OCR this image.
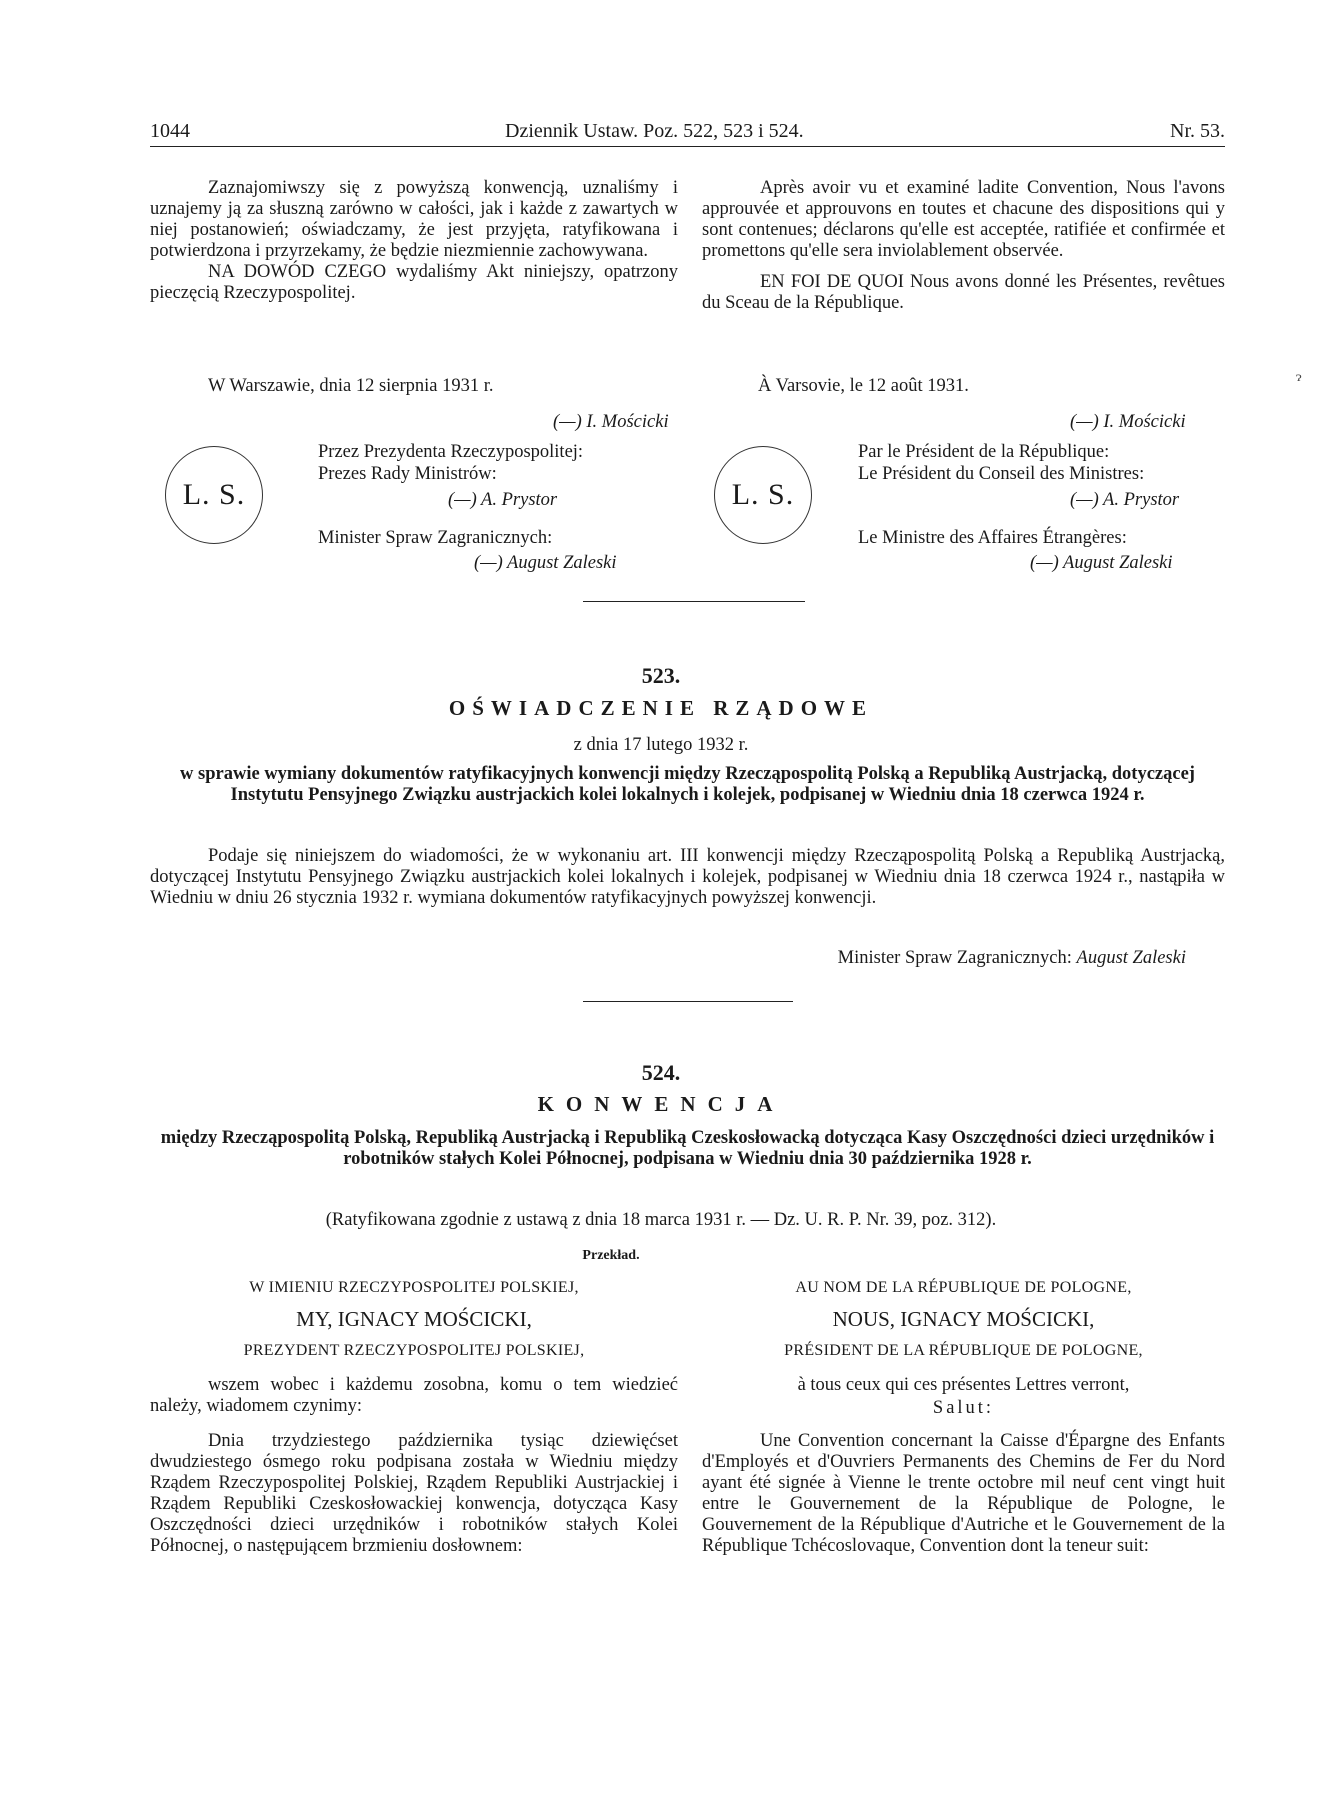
1044	Dziennik Ustaw. Poz. 522, 523 i 524.	Nr. 53.

Zaznajomiwszy się z powyższą konwencją, uznaliśmy i uznajemy ją za słuszną zarówno w całości, jak i każde z zawartych w niej postanowień; oświadczamy, że jest przyjęta, ratyfikowana i potwierdzona i przyrzekamy, że będzie niezmiennie zachowywana.

NA DOWÓD CZEGO wydaliśmy Akt niniejszy, opatrzony pieczęcią Rzeczypospolitej.

W Warszawie, dnia 12 sierpnia 1931 r.

Après avoir vu et examiné ladite Convention, Nous l'avons approuvée et approuvons en toutes et chacune des dispositions qui y sont contenues; déclarons qu'elle est acceptée, ratifiée et confirmée et promettons qu'elle sera inviolablement observée.

EN FOI DE QUOI Nous avons donné les Présentes, revêtues du Sceau de la République.

À Varsovie, le 12 août 1931.
L. S.	L. S.
(—) I. Mościcki
Przez Prezydenta Rzeczypospolitej:
Prezes Rady Ministrów:
(—) A. Prystor
Minister Spraw Zagranicznych:
(—) August Zaleski
(—) I. Mościcki
Par le Président de la République:
Le Président du Conseil des Ministres:
(—) A. Prystor
Le Ministre des Affaires Étrangères:
(—) August Zaleski
523.
OŚWIADCZENIE RZĄDOWE
z dnia 17 lutego 1932 r.
w sprawie wymiany dokumentów ratyfikacyjnych konwencji między Rzecząpospolitą Polską a Republiką Austrjacką, dotyczącej Instytutu Pensyjnego Związku austrjackich kolei lokalnych i kolejek, podpisanej w Wiedniu dnia 18 czerwca 1924 r.

Podaje się niniejszem do wiadomości, że w wykonaniu art. III konwencji między Rzecząpospolitą Polską a Republiką Austrjacką, dotyczącej Instytutu Pensyjnego Związku austrjackich kolei lokalnych i kolejek, podpisanej w Wiedniu dnia 18 czerwca 1924 r., nastąpiła w Wiedniu w dniu 26 stycznia 1932 r. wymiana dokumentów ratyfikacyjnych powyższej konwencji.

Minister Spraw Zagranicznych: August Zaleski
524.
KONWENCJA
między Rzecząpospolitą Polską, Republiką Austrjacką i Republiką Czeskosłowacką dotycząca Kasy Oszczędności dzieci urzędników i robotników stałych Kolei Północnej, podpisana w Wiedniu dnia 30 października 1928 r.
(Ratyfikowana zgodnie z ustawą z dnia 18 marca 1931 r. — Dz. U. R. P. Nr. 39, poz. 312).
Przekład.
W IMIENIU RZECZYPOSPOLITEJ POLSKIEJ,
MY, IGNACY MOŚCICKI,
PREZYDENT RZECZYPOSPOLITEJ POLSKIEJ,

wszem wobec i każdemu zosobna, komu o tem wiedzieć należy, wiadomem czynimy:

Dnia trzydziestego października tysiąc dziewięćset dwudziestego ósmego roku podpisana została w Wiedniu między Rządem Rzeczypospolitej Polskiej, Rządem Republiki Austrjackiej i Rządem Republiki Czeskosłowackiej konwencja, dotycząca Kasy Oszczędności dzieci urzędników i robotników stałych Kolei Północnej, o następującem brzmieniu dosłownem:

AU NOM DE LA RÉPUBLIQUE DE POLOGNE,
NOUS, IGNACY MOŚCICKI,
PRÉSIDENT DE LA RÉPUBLIQUE DE POLOGNE,
à tous ceux qui ces présentes Lettres verront,
Salut:

Une Convention concernant la Caisse d'Épargne des Enfants d'Employés et d'Ouvriers Permanents des Chemins de Fer du Nord ayant été signée à Vienne le trente octobre mil neuf cent vingt huit entre le Gouvernement de la République de Pologne, le Gouvernement de la République d'Autriche et le Gouvernement de la République Tchécoslovaque, Convention dont la teneur suit:

ɂ
